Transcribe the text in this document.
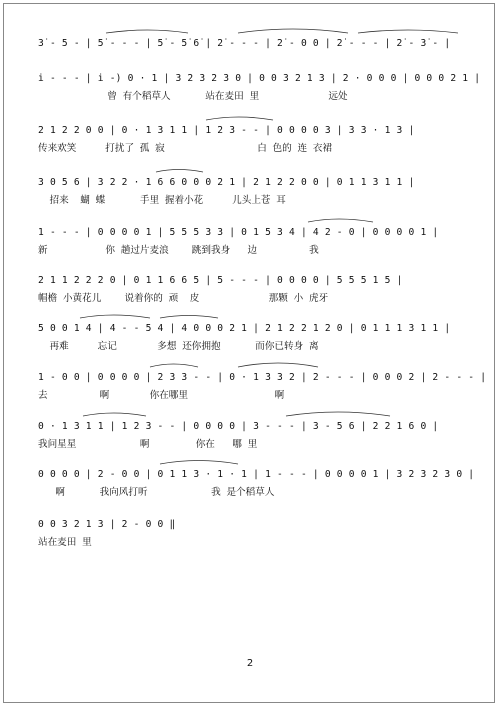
3̇ - 5 - | 5̇ - - - | 5̇ - 5̇ 6̇ | 2̇ - - - | 2̇ - 0 0 | 2̇ - - - | 2̇ - 3̇ - |
i̇ - - - | i̇ -) 0 · 1 | 3 2 3 2 3 0 | 0 0 3 2 1 3 | 2 · 0 0 0 | 0 0 0 2 1 |
曾 有个稻草人      站在麦田 里            远处
2 1 2 2 0 0 | 0 · 1 3 1 1 | 1 2 3 - - | 0 0 0 0 3 | 3 3 · 1 3 |
传来欢笑     打扰了 孤 寂                白 色的 连 衣裙
3 0 5 6 | 3 2 2 · 1 6 6 0 0 0 2 1 | 2 1 2 2 0 0 | 0 1 1 3 1 1 |
招来  蝴 蝶      手里 握着小花     儿头上苍 耳
1 - - - | 0 0 0 0 1 | 5 5 5 3 3 | 0 1 5 3 4 | 4 2 - 0 | 0 0 0 0 1 |
新          你 趟过片麦浪    跳到我身   边         我
2 1 1 2 2 2 0 | 0 1 1 6 6 5 | 5 - - - | 0 0 0 0 | 5 5 5 1 5 |
帽檐 小黄花儿    说着你的 顽  皮            那颗 小 虎牙
5 0 0 1 4 | 4 - - 5 4 | 4 0 0 0 2 1 | 2 1 2 2 1 2 0 | 0 1 1 1 3 1 1 |
再难     忘记       多想 还你拥抱      而你已转身 离
1 - 0 0 | 0 0 0 0 | 2 3 3 - - | 0 · 1 3 3 2 | 2 - - - | 0 0 0 2 | 2 - - - |
去         啊       你在哪里               啊
0 · 1 3 1 1 | 1 2 3 - - | 0 0 0 0 | 3 - - - | 3 - 5 6 | 2 2 1 6 0 |
我问星星           啊        你在   哪 里
0 0 0 0 | 2 - 0 0 | 0 1 1 3 · 1 · 1 | 1 - - - | 0 0 0 0 1 | 3 2 3 2 3 0 |
啊      我向风打听           我 是个稻草人
0 0 3 2 1 3 | 2 - 0 0 ‖
站在麦田 里
2
